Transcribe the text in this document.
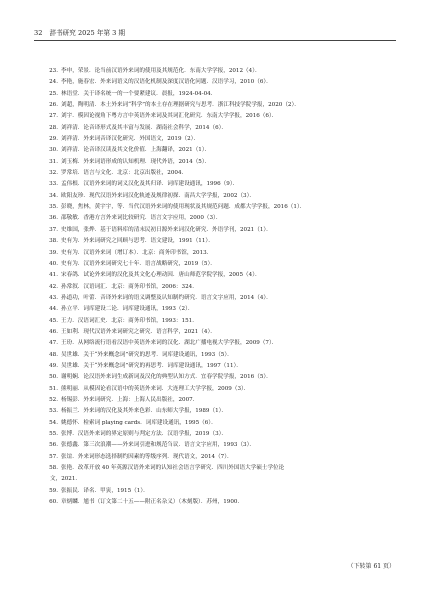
32 辞书研究 2025 年第 3 期
23. 李申，荣景．论当前汉语外来词的使用及其规范化．东南大学学报，2012（4）．
24. 李艳，施春宏．外来词语义的汉语化机制及深度汉语化问题．汉语学习，2010（6）．
25. 林语堂．关于译名统一的一个要紧建议．晨报，1924-04-04．
26. 刘超，陶明清．本土外来词“科学”的本土存在理据研究与思考．浙江科技学院学报，2020（2）．
27. 刘宇．模因论视角下粤方言中英语外来词及其词汇化研究．东南大学学报，2016（6）．
28. 刘祥清．论音译形式及其丰富与发展．湖南社会科学，2014（6）．
29. 刘祥清．外来词音译汉化研究．外国语文，2019（2）．
30. 刘祥清．论音译汉读及其文化价值．上海翻译，2021（1）．
31. 刘玉梅．外来词语形成的认知机理．现代外语，2014（5）．
32. 罗常培．语言与文化．北京：北京出版社，2004．
33. 孟伟根．汉语外来词的词义汉化及其归译．词库建设通讯，1996（9）．
34. 欧阳友珍．现代汉语外来词汉化轨迹及规律初探．南昌大学学报，2002（3）．
35. 彭晓，焦林，黄宇宇，等．当代汉语外来词的使用现状及其规范问题．成都大学学报，2016（1）．
36. 邵敬敏．香港方言外来词比较研究．语言文字应用，2000（3）．
37. 史维国，张烨．基于语料库的清末民初日源外来词汉化研究．外语学刊，2021（1）．
38. 史有为．外来词研究之回顾与思考．语文建设，1991（11）．
39. 史有为．汉语外来词（增订本）．北京：商务印书馆，2013．
40. 史有为．汉语外来词研究七十年．语言战略研究，2019（5）．
41. 宋春鸽．试论外来词的汉化及其文化心理动因．唐山师范学院学报，2005（4）．
42. 孙常叙．汉语词汇．北京：商务印书馆，2006：324．
43. 孙道功，叶蕾．音译外来词的语义调整及认知制约研究．语言文字应用，2014（4）．
44. 孙立平．词库建设二论．词库建设通讯，1993（2）．
45. 王力．汉语词汇史．北京：商务印书馆，1993：151．
46. 王如利．现代汉语外来词研究之研究．语言科学，2021（4）．
47. 王玢．从网络流行语看汉语中英语外来词的汉化．湖北广播电视大学学报，2009（7）．
48. 吴世雄．关于“外来概念词”研究的思考．词库建设通讯，1993（5）．
49. 吴世雄．关于“外来概念词”研究的再思考．词库建设通讯，1997（11）．
50. 谢明娴．论汉语外来词生成新词及汉化的典型认知方式．宜春学院学报，2016（5）．
51. 熊明丽．从模因论看汉语中的英语外来词．大连理工大学学报，2009（3）．
52. 杨锡彭．外来词研究．上海：上海人民出版社，2007．
53. 杨振兰．外来词的汉化及其外来色彩．山东师大学报，1989（1）．
54. 姚德怀．检索词 playing cards．词库建设通讯，1995（6）．
55. 张博．汉语外来词的界定原则与判定方法．汉语学报，2019（3）．
56. 张德鑫．第三次浪潮——外来词引进和规范刍议．语言文字应用，1993（3）．
57. 张谊．外来词形态选择制约因素的等级序列．现代语文，2014（7）．
58. 张艳．改革开放 40 年英源汉语外来词的认知社会语言学研究．四川外国语大学硕士学位论
文，2021．
59. 张振民．译名．甲寅，1915（1）．
60. 章炳麟．馗书（订文第二十五——附正名杂义）（木刻版）．苏州，1900．
（下转第 61 页）
